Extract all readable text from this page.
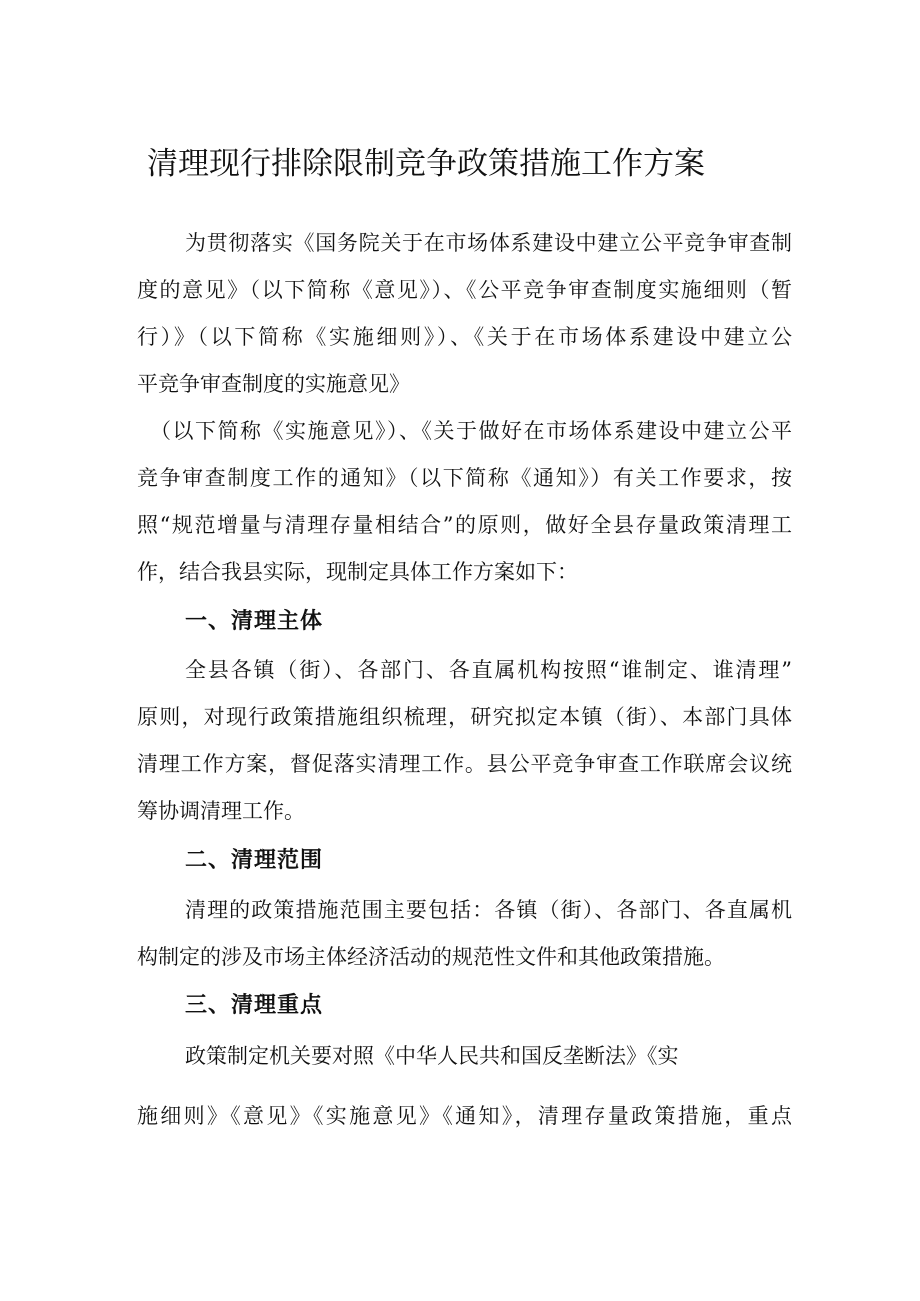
清理现行排除限制竞争政策措施工作方案
为贯彻落实《国务院关于在市场体系建设中建立公平竞争审查制
度的意见》（以下简称《意见》）、《公平竞争审查制度实施细则（暂
行）》（以下简称《实施细则》）、《关于在市场体系建设中建立公
平竞争审查制度的实施意见》
（以下简称《实施意见》）、《关于做好在市场体系建设中建立公平
竞争审查制度工作的通知》（以下简称《通知》）有关工作要求，按
照“规范增量与清理存量相结合”的原则，做好全县存量政策清理工
作，结合我县实际，现制定具体工作方案如下：
一、清理主体
全县各镇（街）、各部门、各直属机构按照“谁制定、谁清理”
原则，对现行政策措施组织梳理，研究拟定本镇（街）、本部门具体
清理工作方案，督促落实清理工作。县公平竞争审查工作联席会议统
筹协调清理工作。
二、清理范围
清理的政策措施范围主要包括：各镇（街）、各部门、各直属机
构制定的涉及市场主体经济活动的规范性文件和其他政策措施。
三、清理重点
政策制定机关要对照《中华人民共和国反垄断法》《实
施细则》《意见》《实施意见》《通知》，清理存量政策措施，重点
